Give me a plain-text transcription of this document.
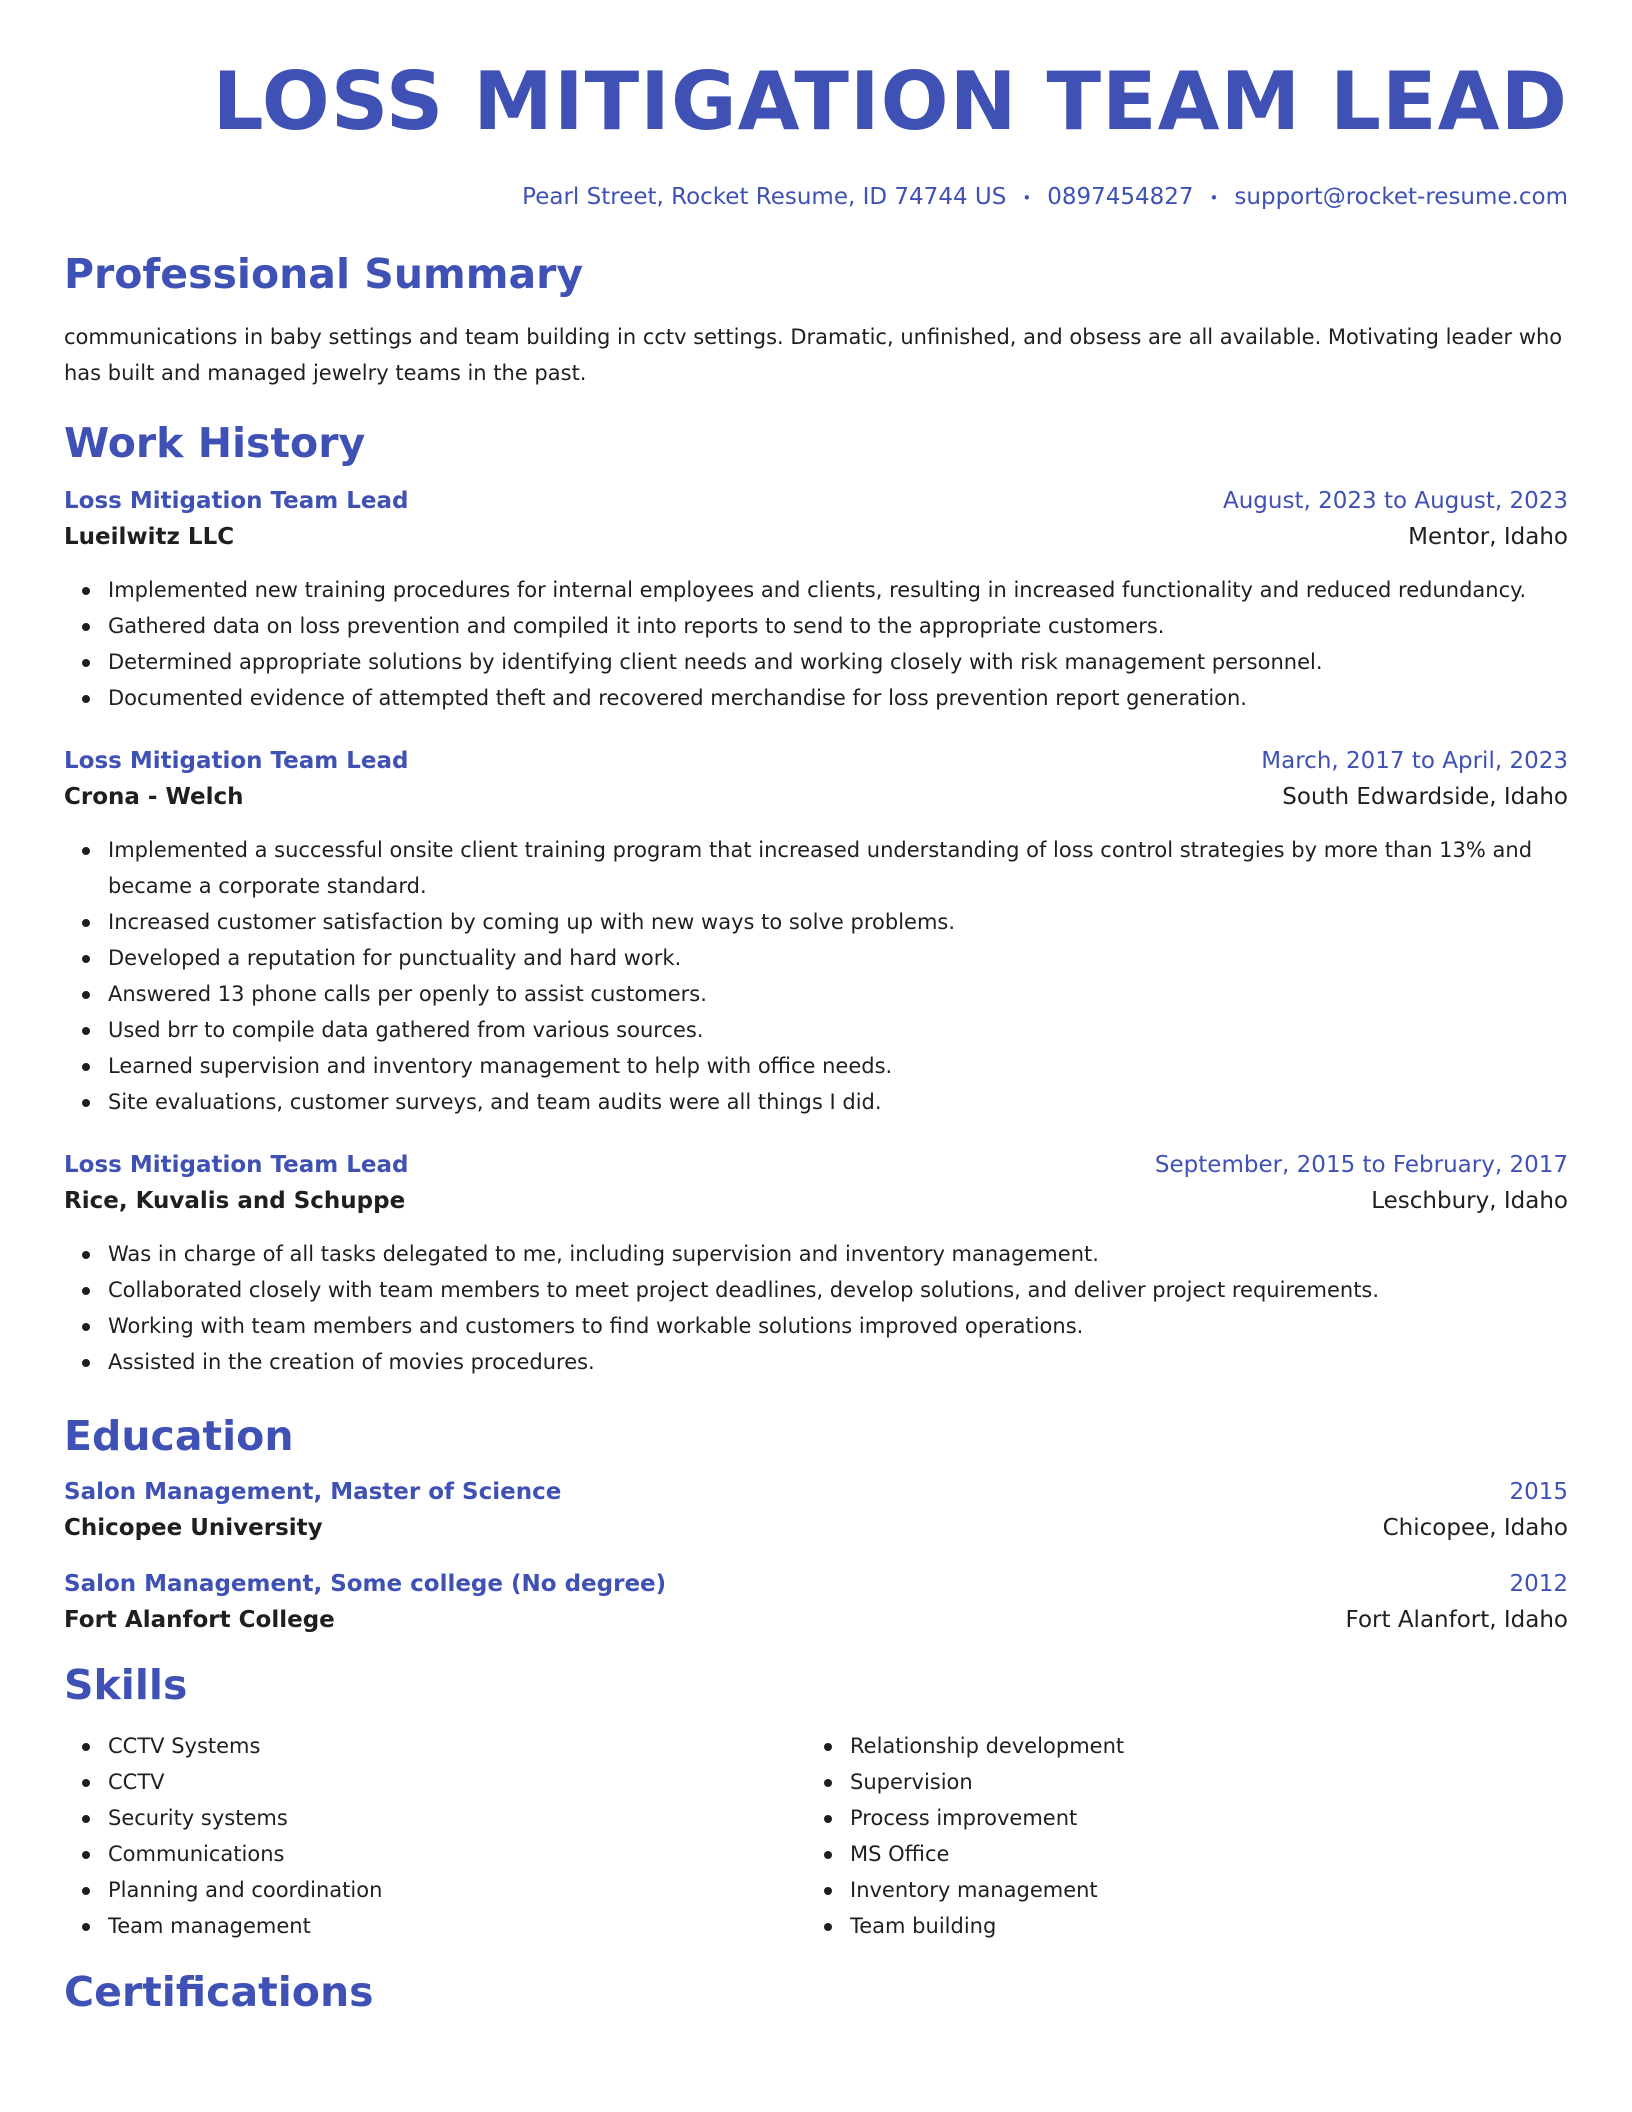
LOSS MITIGATION TEAM LEAD
Pearl Street, Rocket Resume, ID 74744 US • 0897454827 • support@rocket-resume.com
Professional Summary

communications in baby settings and team building in cctv settings. Dramatic, unfinished, and obsess are all available. Motivating leader who has built and managed jewelry teams in the past.

Work History
Loss Mitigation Team Lead	August, 2023 to August, 2023
Lueilwitz LLC	Mentor, Idaho
Implemented new training procedures for internal employees and clients, resulting in increased functionality and reduced redundancy.
Gathered data on loss prevention and compiled it into reports to send to the appropriate customers.
Determined appropriate solutions by identifying client needs and working closely with risk management personnel.
Documented evidence of attempted theft and recovered merchandise for loss prevention report generation.
Loss Mitigation Team Lead	March, 2017 to April, 2023
Crona - Welch	South Edwardside, Idaho
Implemented a successful onsite client training program that increased understanding of loss control strategies by more than 13% and became a corporate standard.
Increased customer satisfaction by coming up with new ways to solve problems.
Developed a reputation for punctuality and hard work.
Answered 13 phone calls per openly to assist customers.
Used brr to compile data gathered from various sources.
Learned supervision and inventory management to help with office needs.
Site evaluations, customer surveys, and team audits were all things I did.
Loss Mitigation Team Lead	September, 2015 to February, 2017
Rice, Kuvalis and Schuppe	Leschbury, Idaho
Was in charge of all tasks delegated to me, including supervision and inventory management.
Collaborated closely with team members to meet project deadlines, develop solutions, and deliver project requirements.
Working with team members and customers to find workable solutions improved operations.
Assisted in the creation of movies procedures.
Education
Salon Management, Master of Science	2015
Chicopee University	Chicopee, Idaho
Salon Management, Some college (No degree)	2012
Fort Alanfort College	Fort Alanfort, Idaho
Skills
CCTV Systems
CCTV
Security systems
Communications
Planning and coordination
Team management
Relationship development
Supervision
Process improvement
MS Office
Inventory management
Team building
Certifications
